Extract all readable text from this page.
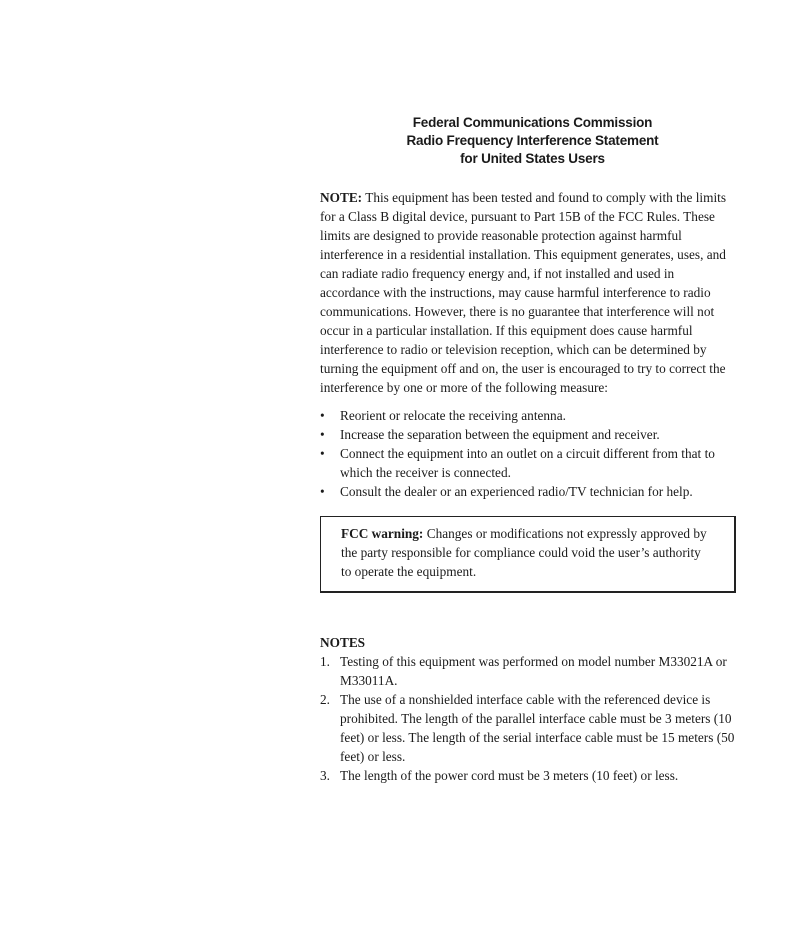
Federal Communications Commission
Radio Frequency Interference Statement
for United States Users

NOTE: This equipment has been tested and found to comply with the limits for a Class B digital device, pursuant to Part 15B of the FCC Rules. These limits are designed to provide reasonable protection against harmful interference in a residential installation. This equipment generates, uses, and can radiate radio frequency energy and, if not installed and used in accordance with the instructions, may cause harmful interference to radio communications. However, there is no guarantee that interference will not occur in a particular installation. If this equipment does cause harmful interference to radio or television reception, which can be determined by turning the equipment off and on, the user is encouraged to try to correct the interference by one or more of the following measure:

• Reorient or relocate the receiving antenna.
• Increase the separation between the equipment and receiver.
• Connect the equipment into an outlet on a circuit different from that to which the receiver is connected.
• Consult the dealer or an experienced radio/TV technician for help.
FCC warning: Changes or modifications not expressly approved by the party responsible for compliance could void the user’s authority to operate the equipment.
NOTES
1. Testing of this equipment was performed on model number M33021A or M33011A.
2. The use of a nonshielded interface cable with the referenced device is prohibited. The length of the parallel interface cable must be 3 meters (10 feet) or less. The length of the serial interface cable must be 15 meters (50 feet) or less.
3. The length of the power cord must be 3 meters (10 feet) or less.
